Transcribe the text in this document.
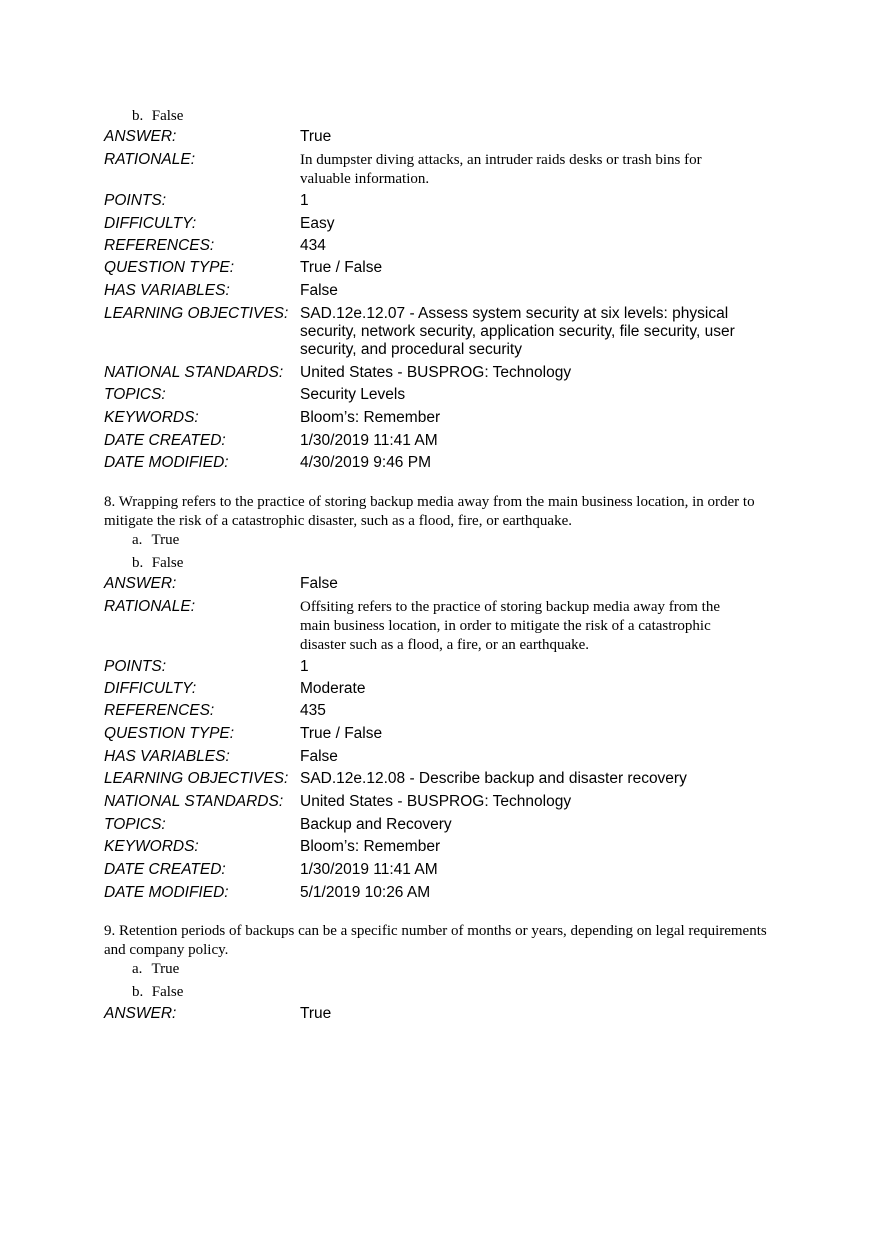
b. False
ANSWER:	True
RATIONALE:	In dumpster diving attacks, an intruder raids desks or trash bins for valuable information.
POINTS:	1
DIFFICULTY:	Easy
REFERENCES:	434
QUESTION TYPE:	True / False
HAS VARIABLES:	False
LEARNING OBJECTIVES: SAD.12e.12.07 - Assess system security at six levels: physical security, network security, application security, file security, user security, and procedural security
NATIONAL STANDARDS: United States - BUSPROG: Technology
TOPICS:	Security Levels
KEYWORDS:	Bloom’s: Remember
DATE CREATED:	1/30/2019 11:41 AM
DATE MODIFIED:	4/30/2019 9:46 PM
8. Wrapping refers to the practice of storing backup media away from the main business location, in order to mitigate the risk of a catastrophic disaster, such as a flood, fire, or earthquake.
a. True
b. False
ANSWER:	False
RATIONALE:	Offsiting refers to the practice of storing backup media away from the main business location, in order to mitigate the risk of a catastrophic disaster such as a flood, a fire, or an earthquake.
POINTS:	1
DIFFICULTY:	Moderate
REFERENCES:	435
QUESTION TYPE:	True / False
HAS VARIABLES:	False
LEARNING OBJECTIVES: SAD.12e.12.08 - Describe backup and disaster recovery
NATIONAL STANDARDS: United States - BUSPROG: Technology
TOPICS:	Backup and Recovery
KEYWORDS:	Bloom’s: Remember
DATE CREATED:	1/30/2019 11:41 AM
DATE MODIFIED:	5/1/2019 10:26 AM
9. Retention periods of backups can be a specific number of months or years, depending on legal requirements and company policy.
a. True
b. False
ANSWER:	True
